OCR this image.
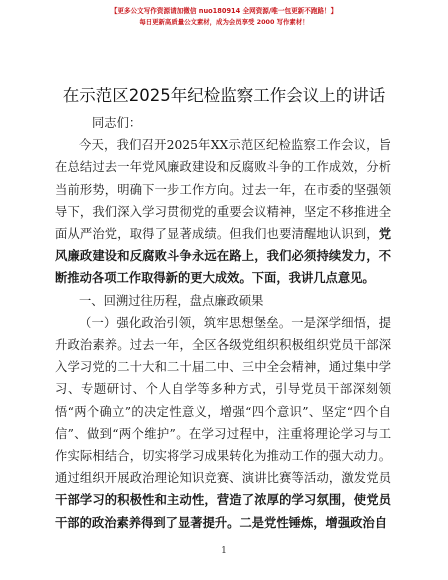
【更多公文写作资源请加微信 nuo180914 全网资源/唯一包更新不跑路！】
每日更新高质量公文素材，成为会员享受 2000 写作素材！
在示范区2025年纪检监察工作会议上的讲话

同志们：

今天，我们召开2025年XX示范区纪检监察工作会议，旨在总结过去一年党风廉政建设和反腐败斗争的工作成效，分析当前形势，明确下一步工作方向。过去一年，在市委的坚强领导下，我们深入学习贯彻党的重要会议精神，坚定不移推进全面从严治党，取得了显著成绩。但我们也要清醒地认识到，党风廉政建设和反腐败斗争永远在路上，我们必须持续发力，不断推动各项工作取得新的更大成效。下面，我讲几点意见。

一、回溯过往历程，盘点廉政硕果

（一）强化政治引领，筑牢思想堡垒。一是深学细悟，提升政治素养。过去一年，全区各级党组织积极组织党员干部深入学习党的二十大和二十届二中、三中全会精神，通过集中学习、专题研讨、个人自学等多种方式，引导党员干部深刻领悟“两个确立”的决定性意义，增强“四个意识”、坚定“四个自信”、做到“两个维护”。在学习过程中，注重将理论学习与工作实际相结合，切实将学习成果转化为推动工作的强大动力。通过组织开展政治理论知识竞赛、演讲比赛等活动，激发党员干部学习的积极性和主动性，营造了浓厚的学习氛围，使党员干部的政治素养得到了显著提升。二是党性锤炼，增强政治自

1
